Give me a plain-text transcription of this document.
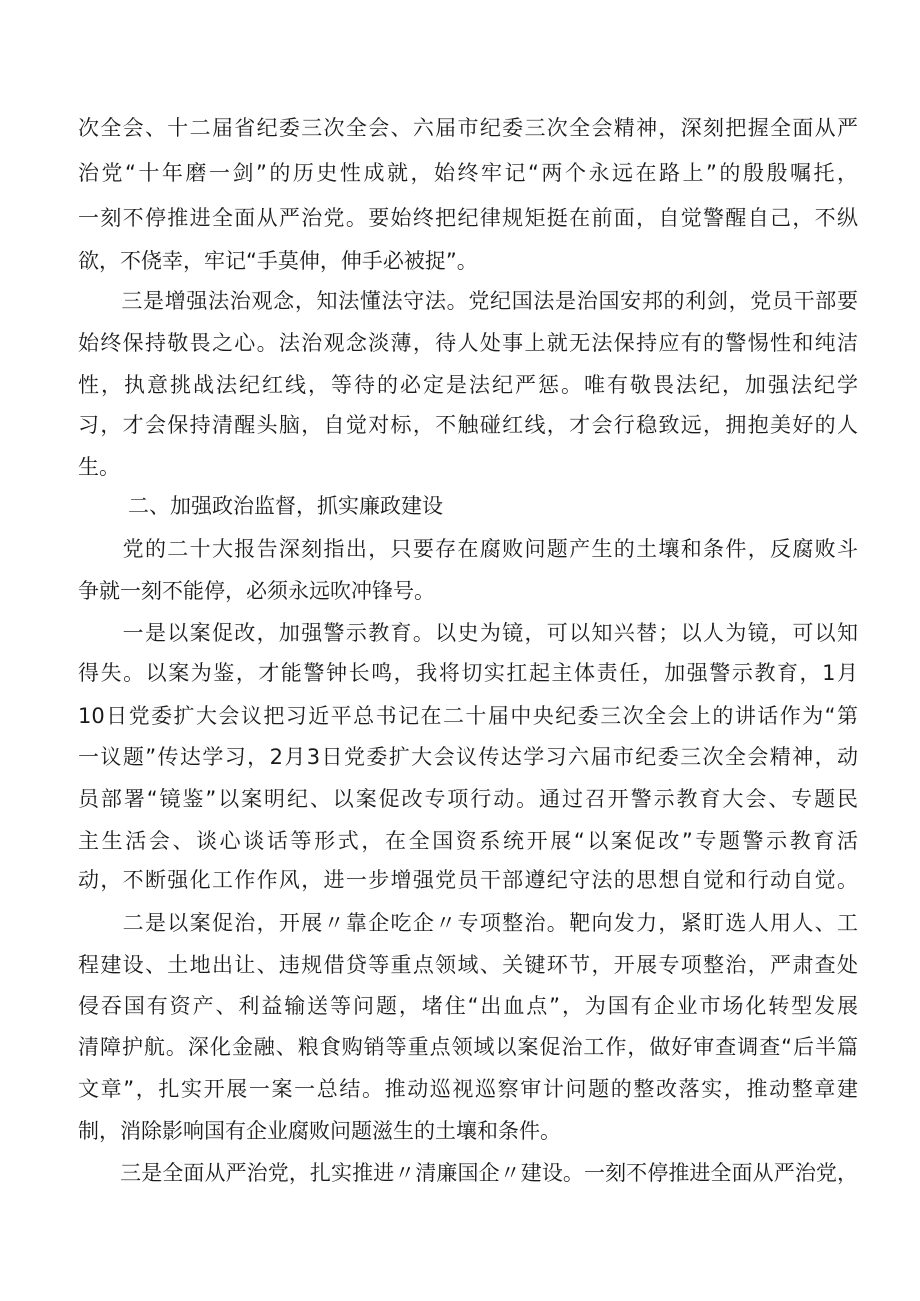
次全会、十二届省纪委三次全会、六届市纪委三次全会精神，深刻把握全面从严
治党“十年磨一剑”的历史性成就，始终牢记“两个永远在路上”的殷殷嘱托，
一刻不停推进全面从严治党。要始终把纪律规矩挺在前面，自觉警醒自己，不纵
欲，不侥幸，牢记“手莫伸，伸手必被捉”。
　　三是增强法治观念，知法懂法守法。党纪国法是治国安邦的利剑，党员干部要
始终保持敬畏之心。法治观念淡薄，待人处事上就无法保持应有的警惕性和纯洁
性，执意挑战法纪红线，等待的必定是法纪严惩。唯有敬畏法纪，加强法纪学
习，才会保持清醒头脑，自觉对标，不触碰红线，才会行稳致远，拥抱美好的人
生。
二、加强政治监督，抓实廉政建设
　　党的二十大报告深刻指出，只要存在腐败问题产生的土壤和条件，反腐败斗
争就一刻不能停，必须永远吹冲锋号。
　　一是以案促改，加强警示教育。以史为镜，可以知兴替；以人为镜，可以知
得失。以案为鉴，才能警钟长鸣，我将切实扛起主体责任，加强警示教育，1月
10日党委扩大会议把习近平总书记在二十届中央纪委三次全会上的讲话作为“第
一议题”传达学习，2月3日党委扩大会议传达学习六届市纪委三次全会精神，动
员部署“镜鉴”以案明纪、以案促改专项行动。通过召开警示教育大会、专题民
主生活会、谈心谈话等形式，在全国资系统开展“以案促改”专题警示教育活
动，不断强化工作作风，进一步增强党员干部遵纪守法的思想自觉和行动自觉。
　　二是以案促治，开展〃靠企吃企〃专项整治。靶向发力，紧盯选人用人、工
程建设、土地出让、违规借贷等重点领域、关键环节，开展专项整治，严肃查处
侵吞国有资产、利益输送等问题，堵住“出血点”，为国有企业市场化转型发展
清障护航。深化金融、粮食购销等重点领域以案促治工作，做好审查调查“后半篇
文章”，扎实开展一案一总结。推动巡视巡察审计问题的整改落实，推动整章建
制，消除影响国有企业腐败问题滋生的土壤和条件。
　　三是全面从严治党，扎实推进〃清廉国企〃建设。一刻不停推进全面从严治党，
